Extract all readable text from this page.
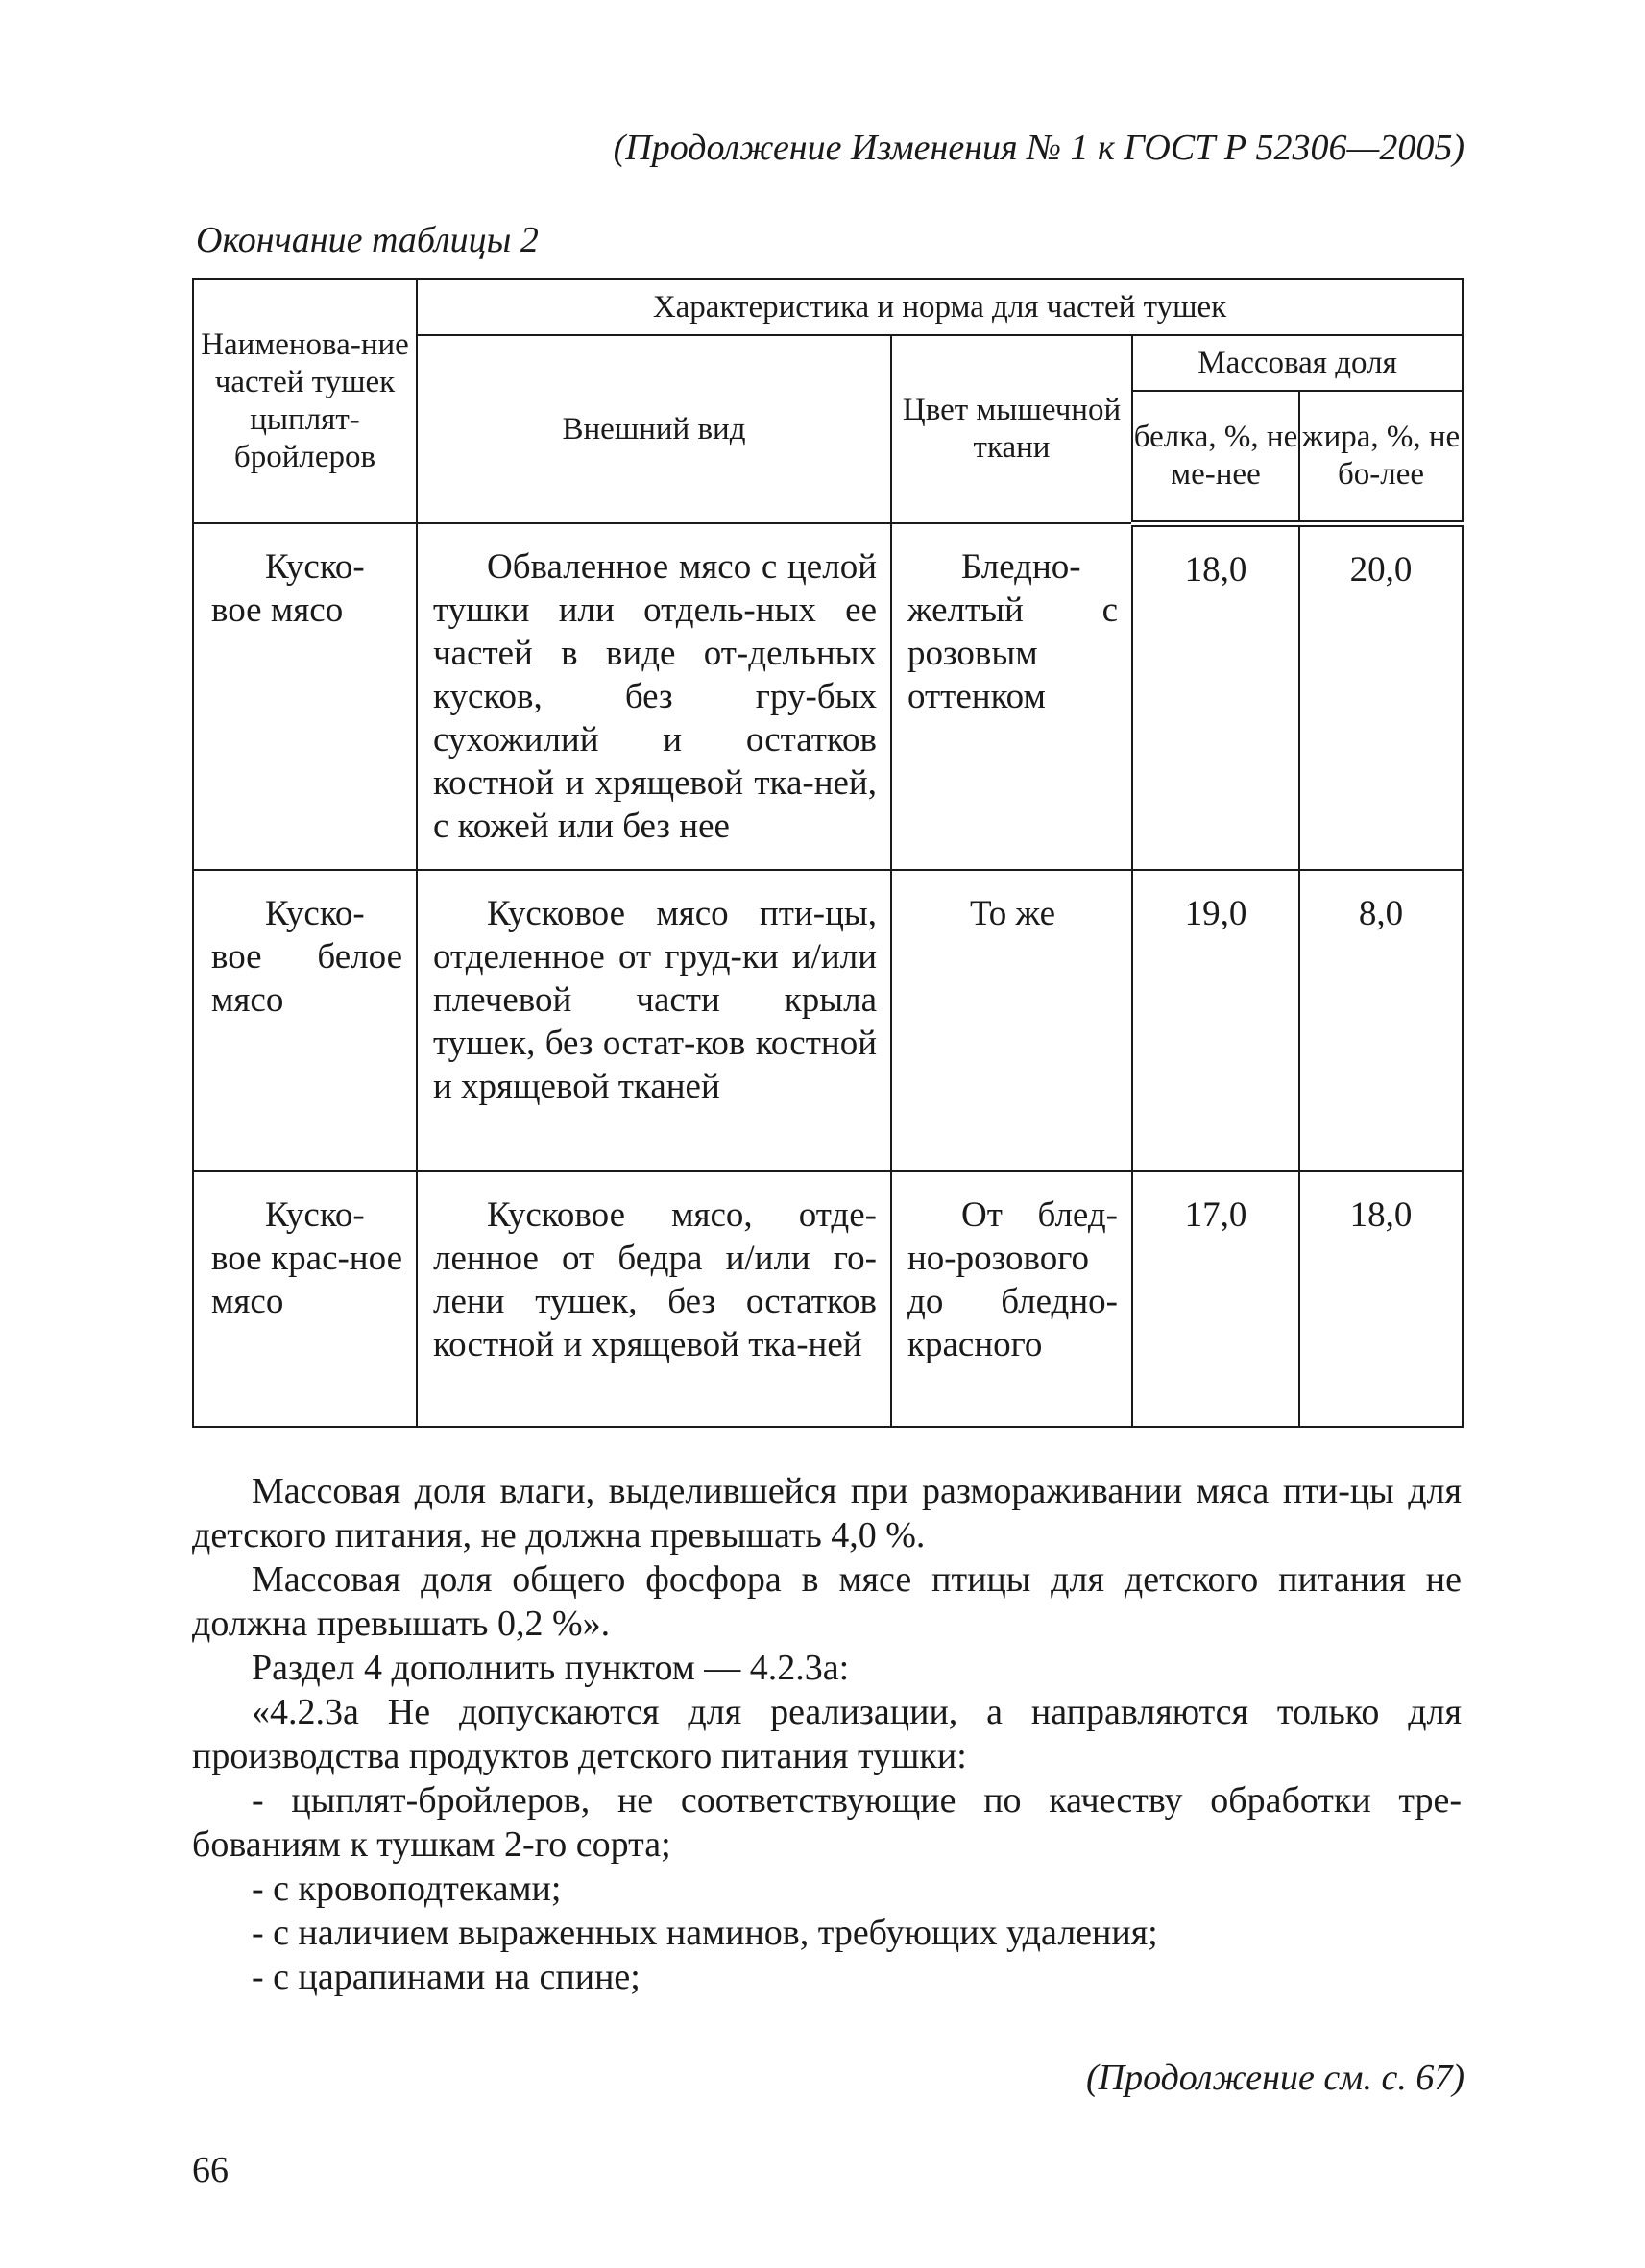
(Продолжение Изменения № 1 к ГОСТ Р 52306—2005)
Окончание таблицы 2
Наименова-ние частей тушек цыплят-бройлеров	Характеристика и норма для частей тушек			
	Внешний вид	Цвет мышечной ткани	Массовая доля	
			белка, %, не ме-нее	жира, %, не бо-лее
Куско-вое мясо	Обваленное мясо с целой тушки или отдель-ных ее частей в виде от-дельных кусков, без гру-бых сухожилий и остатков костной и хрящевой тка-ней, с кожей или без нее	Бледно-желтый с розовым оттенком	18,0	20,0
Куско-вое белое мясо	Кусковое мясо пти-цы, отделенное от груд-ки и/или плечевой части крыла тушек, без остат-ков костной и хрящевой тканей	То же	19,0	8,0
Куско-вое крас-ное мясо	Кусковое мясо, отде-ленное от бедра и/или го-лени тушек, без остатков костной и хрящевой тка-ней	От блед-но-розового до бледно-красного	17,0	18,0

Массовая доля влаги, выделившейся при размораживании мяса пти-цы для детского питания, не должна превышать 4,0 %.

Массовая доля общего фосфора в мясе птицы для детского питания не должна превышать 0,2 %».

Раздел 4 дополнить пунктом — 4.2.3а:

«4.2.3а Не допускаются для реализации, а направляются только для производства продуктов детского питания тушки:

- цыплят-бройлеров, не соответствующие по качеству обработки тре-бованиям к тушкам 2-го сорта;

- с кровоподтеками;

- с наличием выраженных наминов, требующих удаления;

- с царапинами на спине;

(Продолжение см. с. 67)
66
